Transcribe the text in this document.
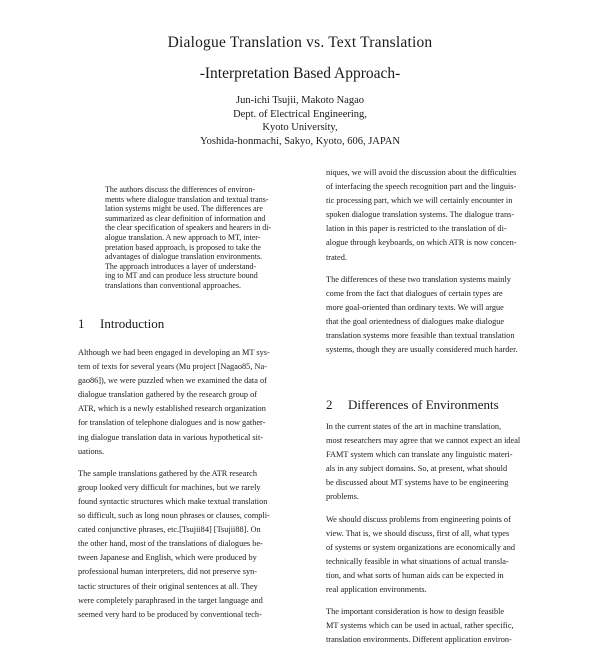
Dialogue Translation vs. Text Translation
-Interpretation Based Approach-
Jun-ichi Tsujii, Makoto Nagao
Dept. of Electrical Engineering,
Kyoto University,
Yoshida-honmachi, Sakyo, Kyoto, 606, JAPAN
The authors discuss the differences of environ-
ments where dialogue translation and textual trans-
lation systems might be used. The differences are
summarized as clear definition of information and
the clear specification of speakers and hearers in di-
alogue translation. A new approach to MT, inter-
pretation based approach, is proposed to take the
advantages of dialogue translation environments.
The approach introduces a layer of understand-
ing to MT and can produce less structure bound
translations than conventional approaches.
1 Introduction
Although we had been engaged in developing an MT sys-
tem of texts for several years (Mu project [Nagao85, Na-
gao86]), we were puzzled when we examined the data of
dialogue translation gathered by the research group of
ATR, which is a newly established research organization
for translation of telephone dialogues and is now gather-
ing dialogue translation data in various hypothetical sit-
uations.
The sample translations gathered by the ATR research
group looked very difficult for machines, but we rarely
found syntactic structures which make textual translation
so difficult, such as long noun phrases or clauses, compli-
cated conjunctive phrases, etc.[Tsujii84] [Tsujii88]. On
the other hand, most of the translations of dialogues be-
tween Japanese and English, which were produced by
professional human interpreters, did not preserve syn-
tactic structures of their original sentences at all. They
were completely paraphrased in the target language and
seemed very hard to be produced by conventional tech-
niques, we will avoid the discussion about the difficulties
of interfacing the speech recognition part and the linguis-
tic processing part, which we will certainly encounter in
spoken dialogue translation systems. The dialogue trans-
lation in this paper is restricted to the translation of di-
alogue through keyboards, on which ATR is now concen-
trated.
The differences of these two translation systems mainly
come from the fact that dialogues of certain types are
more goal-oriented than ordinary texts. We will argue
that the goal orientedness of dialogues make dialogue
translation systems more feasible than textual translation
systems, though they are usually considered much harder.
2 Differences of Environments
In the current states of the art in machine translation,
most researchers may agree that we cannot expect an ideal
FAMT system which can translate any linguistic materi-
als in any subject domains. So, at present, what should
be discussed about MT systems have to be engineering
problems.
We should discuss problems from engineering points of
view. That is, we should discuss, first of all, what types
of systems or system organizations are economically and
technically feasible in what situations of actual transla-
tion, and what sorts of human aids can be expected in
real application environments.
The important consideration is how to design feasible
MT systems which can be used in actual, rather specific,
translation environments. Different application environ-
